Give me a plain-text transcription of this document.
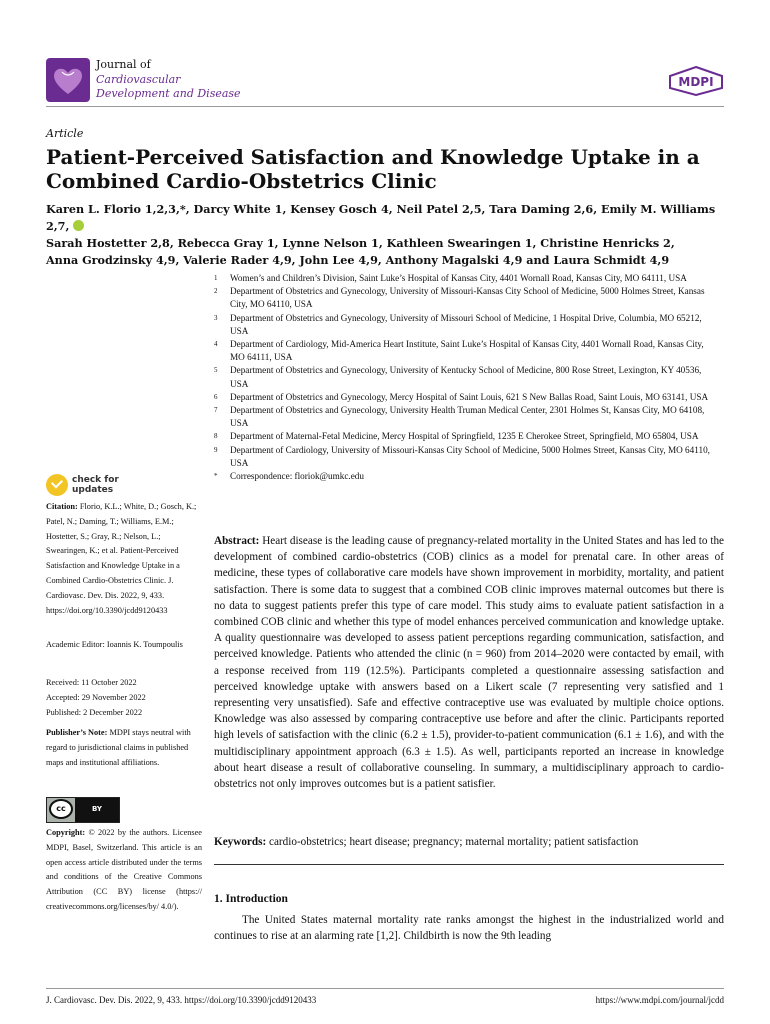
Journal of
Cardiovascular
Development and Disease
MDPI
Article
Patient-Perceived Satisfaction and Knowledge Uptake in a Combined Cardio-Obstetrics Clinic
Karen L. Florio 1,2,3,*, Darcy White 1, Kensey Gosch 4, Neil Patel 2,5, Tara Daming 2,6, Emily M. Williams 2,7,
Sarah Hostetter 2,8, Rebecca Gray 1, Lynne Nelson 1, Kathleen Swearingen 1, Christine Henricks 2,
Anna Grodzinsky 4,9, Valerie Rader 4,9, John Lee 4,9, Anthony Magalski 4,9 and Laura Schmidt 4,9
1	Women’s and Children’s Division, Saint Luke’s Hospital of Kansas City, 4401 Wornall Road, Kansas City, MO 64111, USA
2	Department of Obstetrics and Gynecology, University of Missouri-Kansas City School of Medicine, 5000 Holmes Street, Kansas City, MO 64110, USA
3	Department of Obstetrics and Gynecology, University of Missouri School of Medicine, 1 Hospital Drive, Columbia, MO 65212, USA
4	Department of Cardiology, Mid-America Heart Institute, Saint Luke’s Hospital of Kansas City, 4401 Wornall Road, Kansas City, MO 64111, USA
5	Department of Obstetrics and Gynecology, University of Kentucky School of Medicine, 800 Rose Street, Lexington, KY 40536, USA
6	Department of Obstetrics and Gynecology, Mercy Hospital of Saint Louis, 621 S New Ballas Road, Saint Louis, MO 63141, USA
7	Department of Obstetrics and Gynecology, University Health Truman Medical Center, 2301 Holmes St, Kansas City, MO 64108, USA
8	Department of Maternal-Fetal Medicine, Mercy Hospital of Springfield, 1235 E Cherokee Street, Springfield, MO 65804, USA
9	Department of Cardiology, University of Missouri-Kansas City School of Medicine, 5000 Holmes Street, Kansas City, MO 64110, USA
*	Correspondence: floriok@umkc.edu
check for
updates
Citation: Florio, K.L.; White, D.; Gosch, K.; Patel, N.; Daming, T.; Williams, E.M.; Hostetter, S.; Gray, R.; Nelson, L.; Swearingen, K.; et al. Patient-Perceived Satisfaction and Knowledge Uptake in a Combined Cardio-Obstetrics Clinic. J. Cardiovasc. Dev. Dis. 2022, 9, 433. https://doi.org/10.3390/jcdd9120433
Academic Editor: Ioannis K. Toumpoulis
Received: 11 October 2022
Accepted: 29 November 2022
Published: 2 December 2022
Publisher’s Note: MDPI stays neutral with regard to jurisdictional claims in published maps and institutional affiliations.
cc	BY
Copyright: © 2022 by the authors. Licensee MDPI, Basel, Switzerland. This article is an open access article distributed under the terms and conditions of the Creative Commons Attribution (CC BY) license (https:// creativecommons.org/licenses/by/ 4.0/).
Abstract: Heart disease is the leading cause of pregnancy-related mortality in the United States and has led to the development of combined cardio-obstetrics (COB) clinics as a model for prenatal care. In other areas of medicine, these types of collaborative care models have shown improvement in morbidity, mortality, and patient satisfaction. There is some data to suggest that a combined COB clinic improves maternal outcomes but there is no data to suggest patients prefer this type of care model. This study aims to evaluate patient satisfaction in a combined COB clinic and whether this type of model enhances perceived communication and knowledge uptake. A quality questionnaire was developed to assess patient perceptions regarding communication, satisfaction, and perceived knowledge. Patients who attended the clinic (n = 960) from 2014–2020 were contacted by email, with a response received from 119 (12.5%). Participants completed a questionnaire assessing satisfaction and perceived knowledge uptake with answers based on a Likert scale (7 representing very satisfied and 1 representing very unsatisfied). Safe and effective contraceptive use was evaluated by multiple choice options. Knowledge was also assessed by comparing contraceptive use before and after the clinic. Participants reported high levels of satisfaction with the clinic (6.2 ± 1.5), provider-to-patient communication (6.1 ± 1.6), and with the multidisciplinary appointment approach (6.3 ± 1.5). As well, participants reported an increase in knowledge about heart disease a result of collaborative counseling. In summary, a multidisciplinary approach to cardio-obstetrics not only improves outcomes but is a patient satisfier.
Keywords: cardio-obstetrics; heart disease; pregnancy; maternal mortality; patient satisfaction
1. Introduction
The United States maternal mortality rate ranks amongst the highest in the industrialized world and continues to rise at an alarming rate [1,2]. Childbirth is now the 9th leading
J. Cardiovasc. Dev. Dis. 2022, 9, 433. https://doi.org/10.3390/jcdd9120433	https://www.mdpi.com/journal/jcdd
